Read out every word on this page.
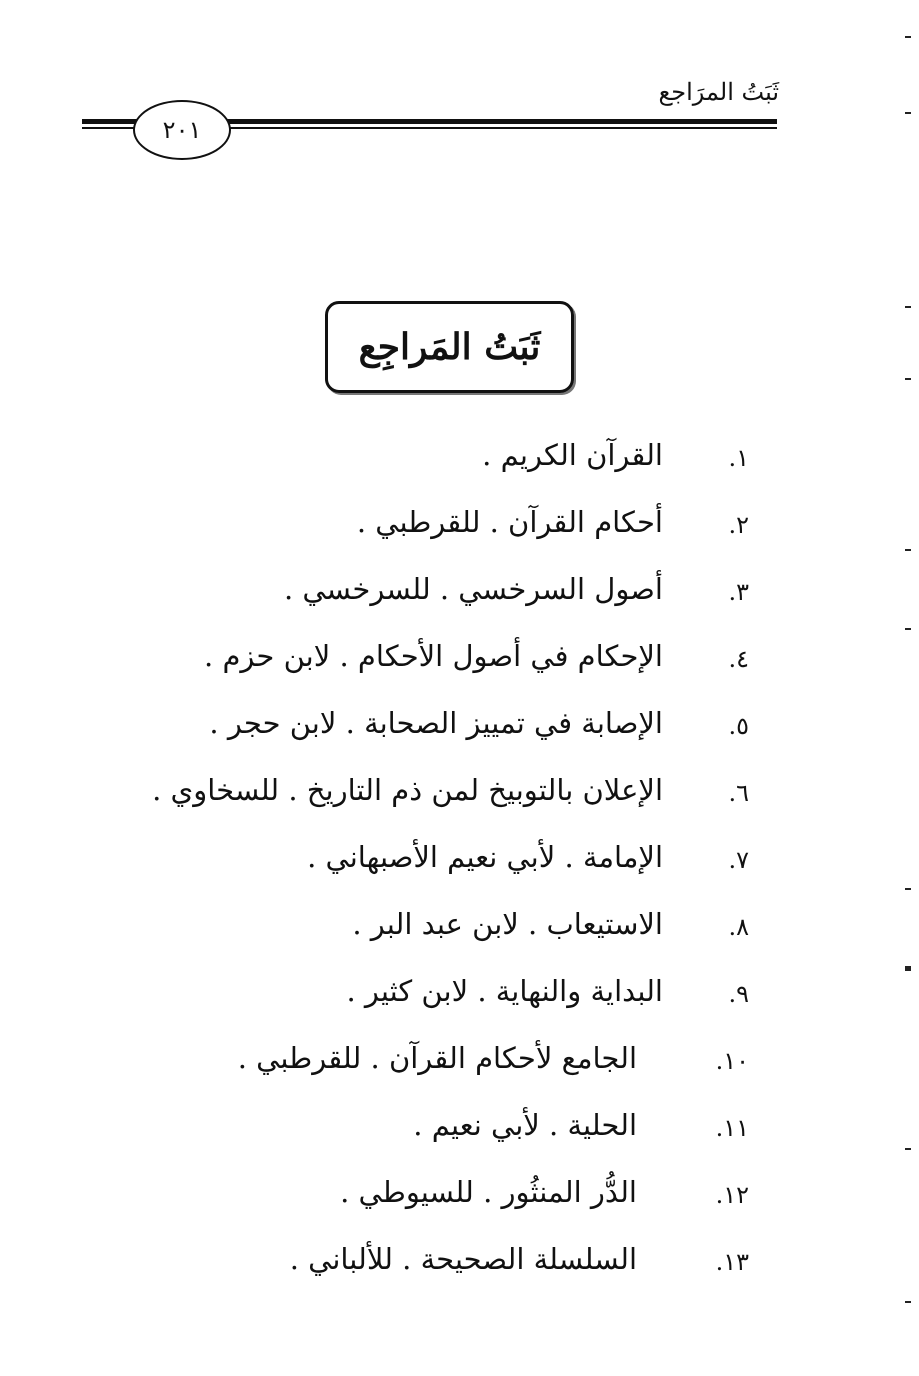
ثَبَتُ المرَاجع
٢٠١
ثَبَتُ المَراجِع
١.
القرآن الكريم .
٢.
أحكام القرآن . للقرطبي .
٣.
أصول السرخسي . للسرخسي .
٤.
الإحكام في أصول الأحكام . لابن حزم .
٥.
الإصابة في تمييز الصحابة . لابن حجر .
٦.
الإعلان بالتوبيخ لمن ذم التاريخ . للسخاوي .
٧.
الإمامة . لأبي نعيم الأصبهاني .
٨.
الاستيعاب . لابن عبد البر .
٩.
البداية والنهاية . لابن كثير .
١٠.
الجامع لأحكام القرآن . للقرطبي .
١١.
الحلية . لأبي نعيم .
١٢.
الدُّر المنثُور . للسيوطي .
١٣.
السلسلة الصحيحة . للألباني .
